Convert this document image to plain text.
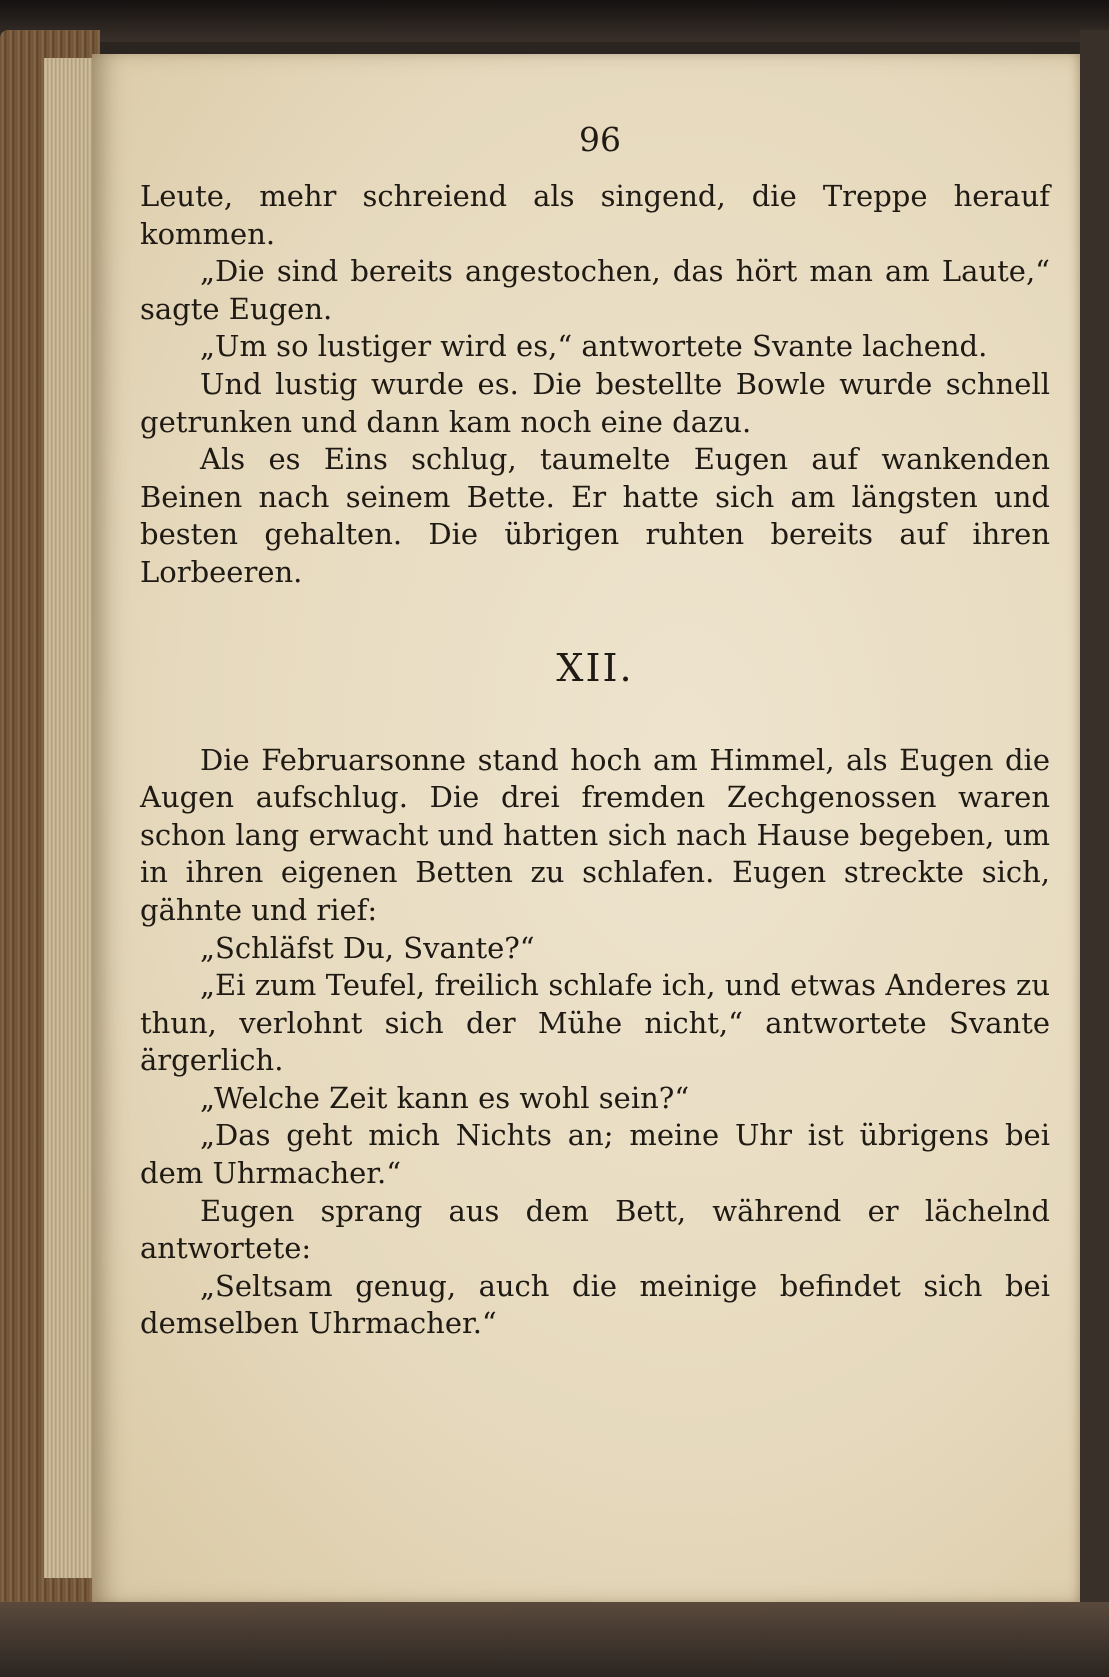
96

Leute, mehr schreiend als singend, die Treppe herauf kommen.

„Die sind bereits angestochen, das hört man am Laute,“ sagte Eugen.

„Um so lustiger wird es,“ antwortete Svante lachend.

Und lustig wurde es. Die bestellte Bowle wurde schnell getrunken und dann kam noch eine dazu.

Als es Eins schlug, taumelte Eugen auf wankenden Beinen nach seinem Bette. Er hatte sich am längsten und besten gehalten. Die übrigen ruhten bereits auf ihren Lorbeeren.

XII.

Die Februarsonne stand hoch am Himmel, als Eugen die Augen aufschlug. Die drei fremden Zechgenossen waren schon lang erwacht und hatten sich nach Hause begeben, um in ihren eigenen Betten zu schlafen. Eugen streckte sich, gähnte und rief:

„Schläfst Du, Svante?“

„Ei zum Teufel, freilich schlafe ich, und etwas Anderes zu thun, verlohnt sich der Mühe nicht,“ antwortete Svante ärgerlich.

„Welche Zeit kann es wohl sein?“

„Das geht mich Nichts an; meine Uhr ist übrigens bei dem Uhrmacher.“

Eugen sprang aus dem Bett, während er lächelnd antwortete:

„Seltsam genug, auch die meinige befindet sich bei demselben Uhrmacher.“
